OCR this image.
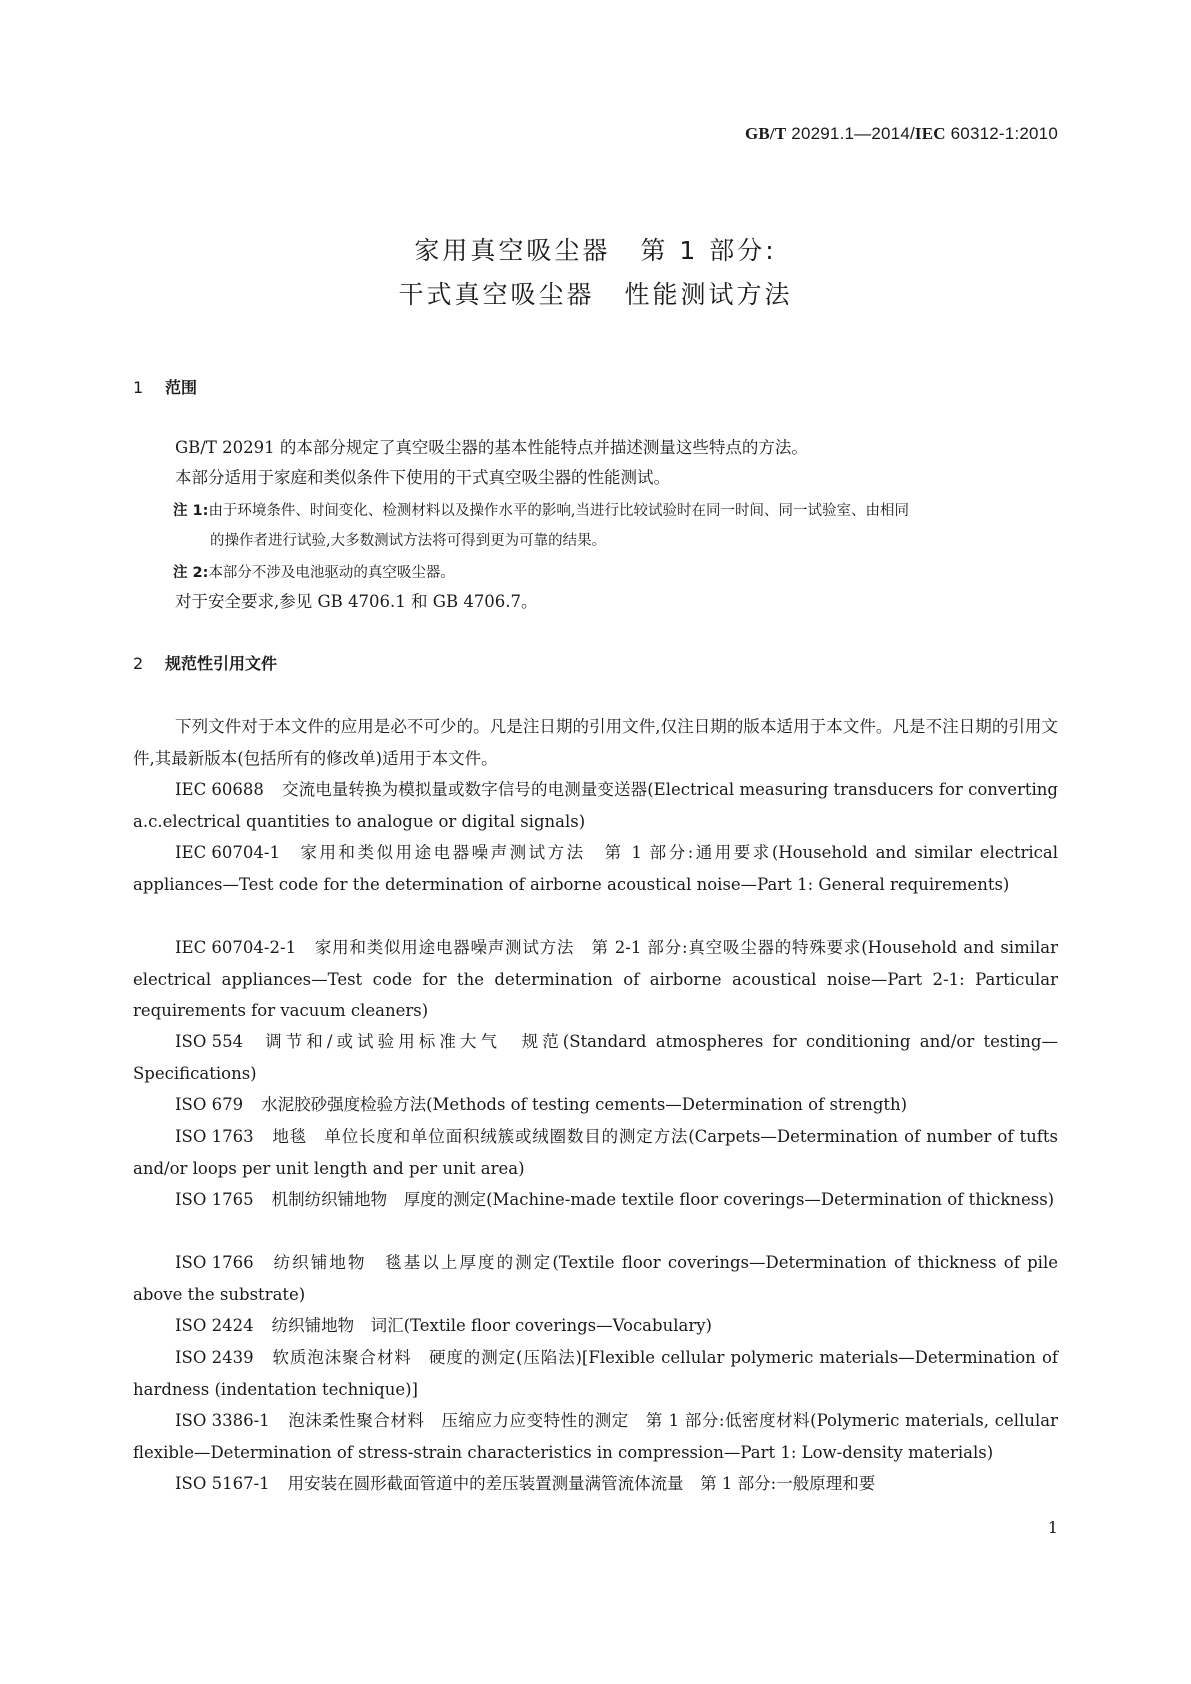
GB/T 20291.1—2014/IEC 60312-1:2010
家用真空吸尘器 第 1 部分:
干式真空吸尘器 性能测试方法
1 范围
GB/T 20291 的本部分规定了真空吸尘器的基本性能特点并描述测量这些特点的方法。
本部分适用于家庭和类似条件下使用的干式真空吸尘器的性能测试。
注 1:由于环境条件、时间变化、检测材料以及操作水平的影响,当进行比较试验时在同一时间、同一试验室、由相同
的操作者进行试验,大多数测试方法将可得到更为可靠的结果。
注 2:本部分不涉及电池驱动的真空吸尘器。
对于安全要求,参见 GB 4706.1 和 GB 4706.7。
2 规范性引用文件
下列文件对于本文件的应用是必不可少的。凡是注日期的引用文件,仅注日期的版本适用于本文件。凡是不注日期的引用文件,其最新版本(包括所有的修改单)适用于本文件。
IEC 60688 交流电量转换为模拟量或数字信号的电测量变送器(Electrical measuring transducers for converting a.c.electrical quantities to analogue or digital signals)
IEC 60704-1 家用和类似用途电器噪声测试方法　第 1 部分:通用要求(Household and similar electrical appliances—Test code for the determination of airborne acoustical noise—Part 1: General requirements)
IEC 60704-2-1 家用和类似用途电器噪声测试方法　第 2-1 部分:真空吸尘器的特殊要求(Household and similar electrical appliances—Test code for the determination of airborne acoustical noise—Part 2-1: Particular requirements for vacuum cleaners)
ISO 554 调节和/或试验用标准大气　规范(Standard atmospheres for conditioning and/or testing—Specifications)
ISO 679 水泥胶砂强度检验方法(Methods of testing cements—Determination of strength)
ISO 1763 地毯　单位长度和单位面积绒簇或绒圈数目的测定方法(Carpets—Determination of number of tufts and/or loops per unit length and per unit area)
ISO 1765 机制纺织铺地物　厚度的测定(Machine-made textile floor coverings—Determination of thickness)
ISO 1766 纺织铺地物　毯基以上厚度的测定(Textile floor coverings—Determination of thickness of pile above the substrate)
ISO 2424 纺织铺地物　词汇(Textile floor coverings—Vocabulary)
ISO 2439 软质泡沫聚合材料　硬度的测定(压陷法)[Flexible cellular polymeric materials—Determination of hardness (indentation technique)]
ISO 3386-1 泡沫柔性聚合材料　压缩应力应变特性的测定　第 1 部分:低密度材料(Polymeric materials, cellular flexible—Determination of stress-strain characteristics in compression—Part 1: Low-density materials)
ISO 5167-1 用安装在圆形截面管道中的差压装置测量满管流体流量　第 1 部分:一般原理和要
1
